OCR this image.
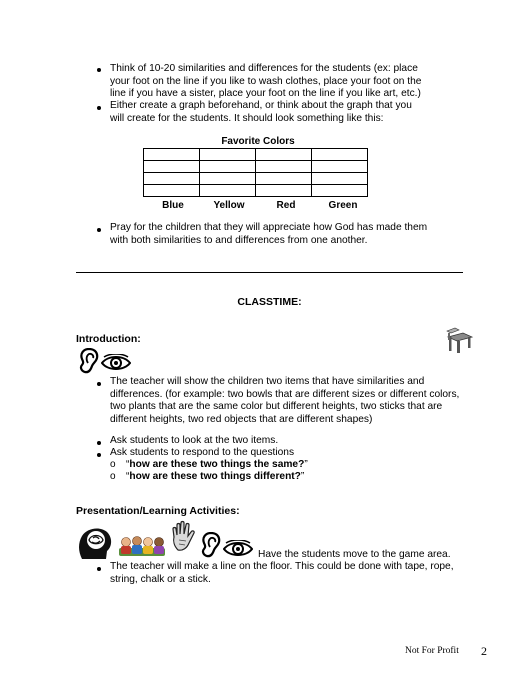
Think of 10-20 similarities and differences for the students (ex: place
your foot on the line if you like to wash clothes, place your foot on the
line if you have a sister, place your foot on the line if you like art, etc.)
Either create a graph beforehand, or think about the graph that you
will create for the students. It should look something like this:
Favorite Colors

Blue	Yellow	Red	Green
Pray for the children that they will appreciate how God has made them
with both similarities to and differences from one another.
CLASSTIME:
Introduction:
The teacher will show the children two items that have similarities and
differences. (for example: two bowls that are different sizes or different colors,
two plants that are the same color but different heights, two sticks that are
different heights, two red objects that are different shapes)
Ask students to look at the two items.
Ask students to respond to the questions
o “how are these two things the same?”
o “how are these two things different?”
Presentation/Learning Activities:
Have the students move to the game area.
The teacher will make a line on the floor. This could be done with tape, rope,
string, chalk or a stick.
Not For Profit 2
